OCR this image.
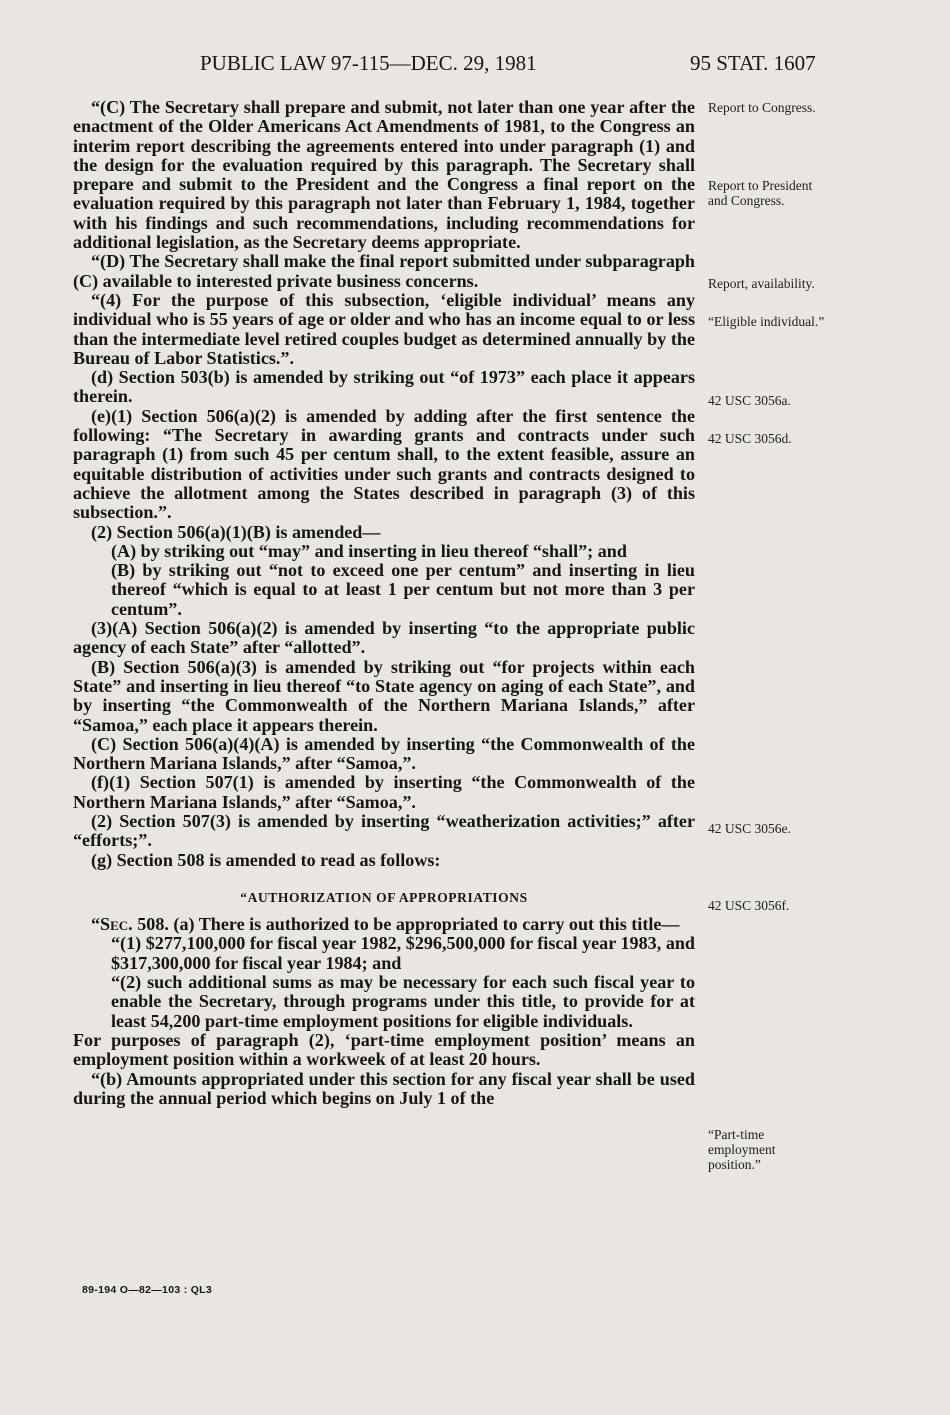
PUBLIC LAW 97-115—DEC. 29, 1981	95 STAT. 1607

“(C) The Secretary shall prepare and submit, not later than one year after the enactment of the Older Americans Act Amendments of 1981, to the Congress an interim report describing the agreements entered into under paragraph (1) and the design for the evaluation required by this paragraph. The Secretary shall prepare and submit to the President and the Congress a final report on the evaluation required by this paragraph not later than February 1, 1984, together with his findings and such recommendations, including recommendations for additional legislation, as the Secretary deems appropriate.

“(D) The Secretary shall make the final report submitted under subparagraph (C) available to interested private business concerns.

“(4) For the purpose of this subsection, ‘eligible individual’ means any individual who is 55 years of age or older and who has an income equal to or less than the intermediate level retired couples budget as determined annually by the Bureau of Labor Statistics.”.

(d) Section 503(b) is amended by striking out “of 1973” each place it appears therein.

(e)(1) Section 506(a)(2) is amended by adding after the first sentence the following: “The Secretary in awarding grants and contracts under such paragraph (1) from such 45 per centum shall, to the extent feasible, assure an equitable distribution of activities under such grants and contracts designed to achieve the allotment among the States described in paragraph (3) of this subsection.”.

(2) Section 506(a)(1)(B) is amended—

(A) by striking out “may” and inserting in lieu thereof “shall”; and

(B) by striking out “not to exceed one per centum” and inserting in lieu thereof “which is equal to at least 1 per centum but not more than 3 per centum”.

(3)(A) Section 506(a)(2) is amended by inserting “to the appropriate public agency of each State” after “allotted”.

(B) Section 506(a)(3) is amended by striking out “for projects within each State” and inserting in lieu thereof “to State agency on aging of each State”, and by inserting “the Commonwealth of the Northern Mariana Islands,” after “Samoa,” each place it appears therein.

(C) Section 506(a)(4)(A) is amended by inserting “the Commonwealth of the Northern Mariana Islands,” after “Samoa,”.

(f)(1) Section 507(1) is amended by inserting “the Commonwealth of the Northern Mariana Islands,” after “Samoa,”.

(2) Section 507(3) is amended by inserting “weatherization activities;” after “efforts;”.

(g) Section 508 is amended to read as follows:

“AUTHORIZATION OF APPROPRIATIONS

“Sec. 508. (a) There is authorized to be appropriated to carry out this title—

“(1) $277,100,000 for fiscal year 1982, $296,500,000 for fiscal year 1983, and $317,300,000 for fiscal year 1984; and

“(2) such additional sums as may be necessary for each such fiscal year to enable the Secretary, through programs under this title, to provide for at least 54,200 part-time employment positions for eligible individuals.

For purposes of paragraph (2), ‘part-time employment position’ means an employment position within a workweek of at least 20 hours.

“(b) Amounts appropriated under this section for any fiscal year shall be used during the annual period which begins on July 1 of the

Report to Congress.
Report to President and Congress.
Report, availability.
“Eligible individual.”
42 USC 3056a.
42 USC 3056d.
42 USC 3056e.
42 USC 3056f.
“Part-time employment position.”
89-194 O—82—103 : QL3
